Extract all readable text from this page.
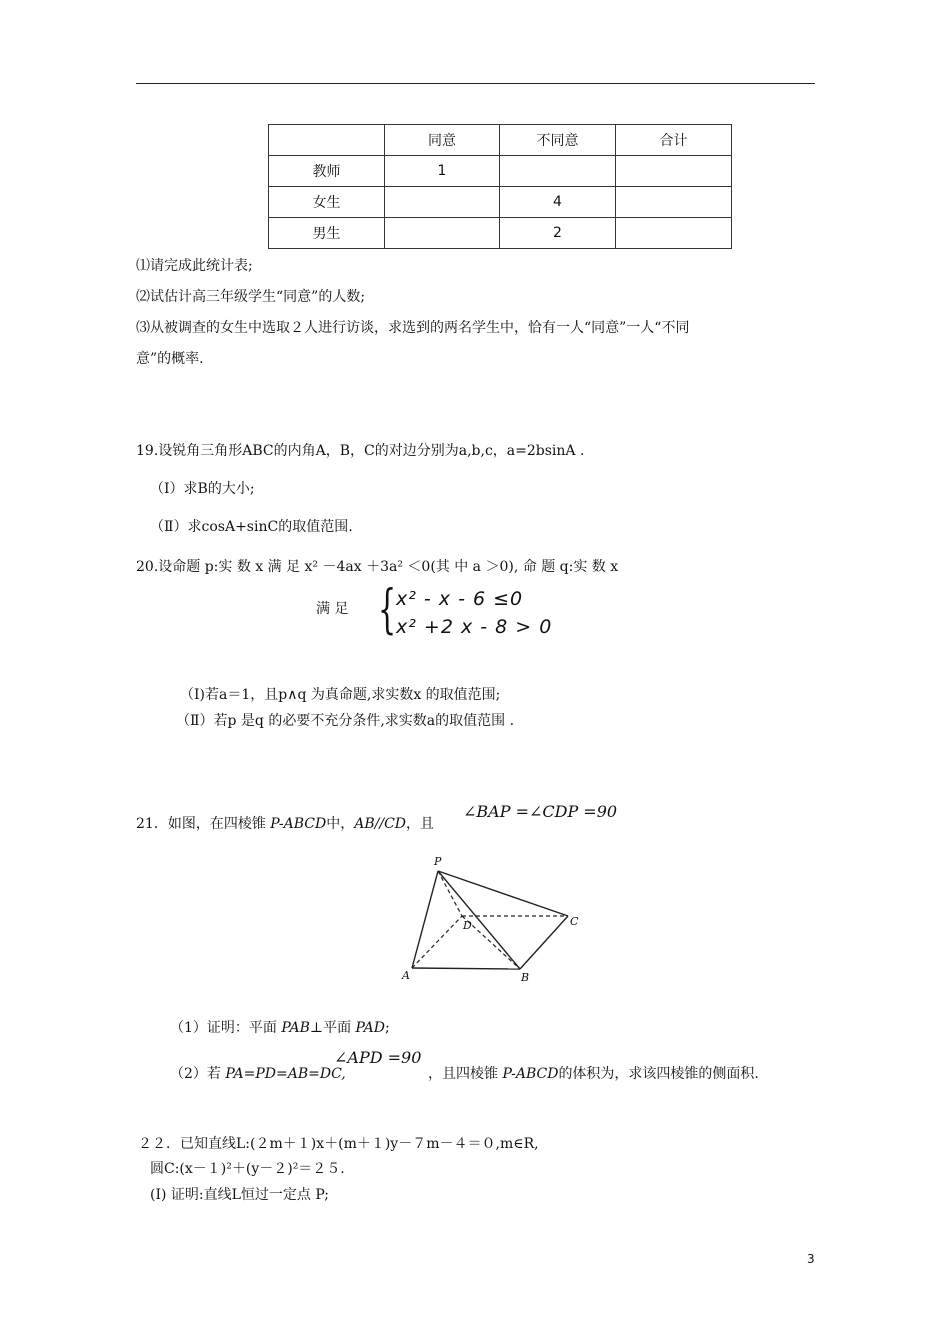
	同意	不同意	合计
教师	1		
女生		4	
男生		2	
⑴请完成此统计表;
⑵试估计高三年级学生“同意”的人数;
⑶从被调查的女生中选取２人进行访谈，求选到的两名学生中，恰有一人“同意”一人“不同
意”的概率.
19.设锐角三角形ABC的内角A，B，C的对边分别为a,b,c，a=2bsinA .
（Ⅰ）求B的大小;
（Ⅱ）求cosA+sinC的取值范围.
20.设命题 p:实 数 x 满 足 x² －4ax ＋3a² ＜0(其 中 a ＞0), 命 题 q:实 数 x
满 足 { x² - x - 6 ≤0
x² +2 x - 8 > 0
（Ⅰ)若a＝1，且p∧q 为真命题,求实数x 的取值范围;
（Ⅱ）若p 是q 的必要不充分条件,求实数a的取值范围 .
21．如图，在四棱锥 P-ABCD中，AB//CD，且
∠BAP =∠CDP =90
P
A	B
C
D
（1）证明：平面 PAB⊥平面 PAD;
（2）若 PA=PD=AB=DC,
∠APD =90
，且四棱锥 P-ABCD的体积为，求该四棱锥的侧面积.
２２．已知直线L:(２m＋１)x＋(m＋１)y－７m－４＝０,m∈R,
圆C:(x－１)²＋(y－２)²＝２５.
(Ⅰ) 证明:直线L恒过一定点 P;
3
